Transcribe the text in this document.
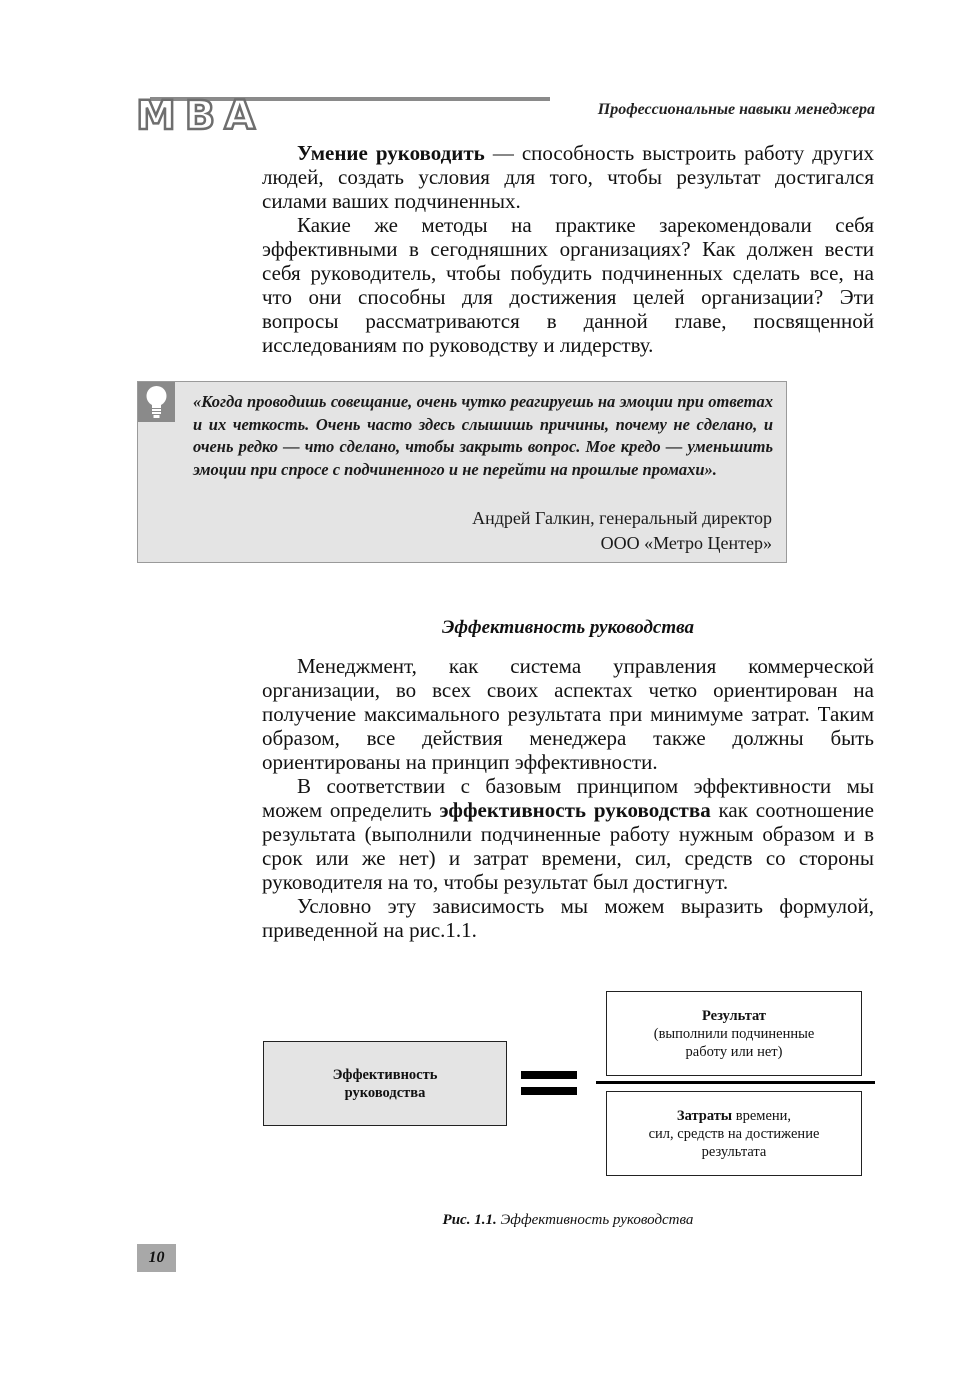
MBA	Профессиональные навыки менеджера

Умение руководить — способность выстроить работу других людей, создать условия для того, чтобы результат достигался силами ваших подчиненных.

Какие же методы на практике зарекомендовали себя эффективными в сегодняшних организациях? Как должен вести себя руководитель, чтобы побудить подчиненных сделать все, на что они способны для достижения целей организации? Эти вопросы рассматриваются в данной главе, посвященной исследованиям по руководству и лидерству.

«Когда проводишь совещание, очень чутко реагируешь на эмоции при ответах и их четкость. Очень часто здесь слышишь причины, почему не сделано, и очень редко — что сделано, чтобы закрыть вопрос. Мое кредо — уменьшить эмоции при спросе с подчиненного и не перейти на прошлые промахи».
Андрей Галкин, генеральный директор
ООО «Метро Центер»
Эффективность руководства

Менеджмент, как система управления коммерческой организации, во всех своих аспектах четко ориентирован на получение максимального результата при минимуме затрат. Таким образом, все действия менеджера также должны быть ориентированы на принцип эффективности.

В соответствии с базовым принципом эффективности мы можем определить эффективность руководства как соотношение результата (выполнили подчиненные работу нужным образом и в срок или же нет) и затрат времени, сил, средств со стороны руководителя на то, чтобы результат был достигнут.

Условно эту зависимость мы можем выразить формулой, приведенной на рис.1.1.

Эффективность
руководства
Результат
(выполнили подчиненные
работу или нет)
Затраты времени,
сил, средств на достижение
результата
Рис. 1.1. Эффективность руководства
10
